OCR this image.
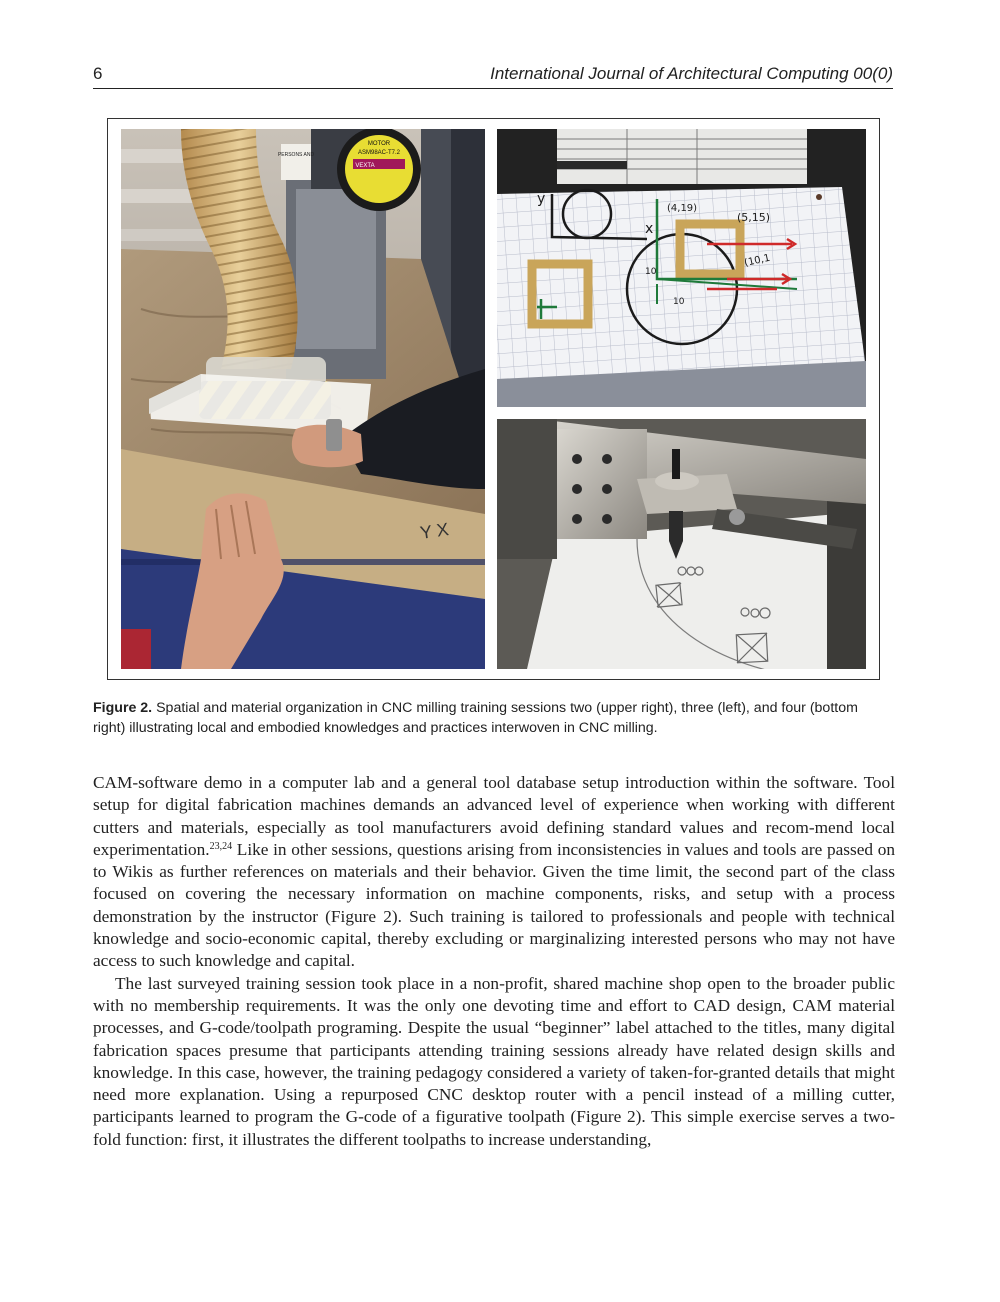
6	International Journal of Architectural Computing 00(0)
MOTOR
ASM98AC-T7.2
VEXTA
PERSONS AND
Y X
y
x
(4,19)
(5,15)
(10,1
10
10
Figure 2. Spatial and material organization in CNC milling training sessions two (upper right), three (left), and four (bottom right) illustrating local and embodied knowledges and practices interwoven in CNC milling.

CAM-software demo in a computer lab and a general tool database setup introduction within the software. Tool setup for digital fabrication machines demands an advanced level of experience when working with different cutters and materials, especially as tool manufacturers avoid defining standard values and recom-mend local experimentation.$^{23,24}$ Like in other sessions, questions arising from inconsistencies in values and tools are passed on to Wikis as further references on materials and their behavior. Given the time limit, the second part of the class focused on covering the necessary information on machine components, risks, and setup with a process demonstration by the instructor (Figure 2). Such training is tailored to professionals and people with technical knowledge and socio-economic capital, thereby excluding or marginalizing interested persons who may not have access to such knowledge and capital.

The last surveyed training session took place in a non-profit, shared machine shop open to the broader public with no membership requirements. It was the only one devoting time and effort to CAD design, CAM material processes, and G-code/toolpath programing. Despite the usual “beginner” label attached to the titles, many digital fabrication spaces presume that participants attending training sessions already have related design skills and knowledge. In this case, however, the training pedagogy considered a variety of taken-for-granted details that might need more explanation. Using a repurposed CNC desktop router with a pencil instead of a milling cutter, participants learned to program the G-code of a figurative toolpath (Figure 2). This simple exercise serves a two-fold function: first, it illustrates the different toolpaths to increase understanding,
